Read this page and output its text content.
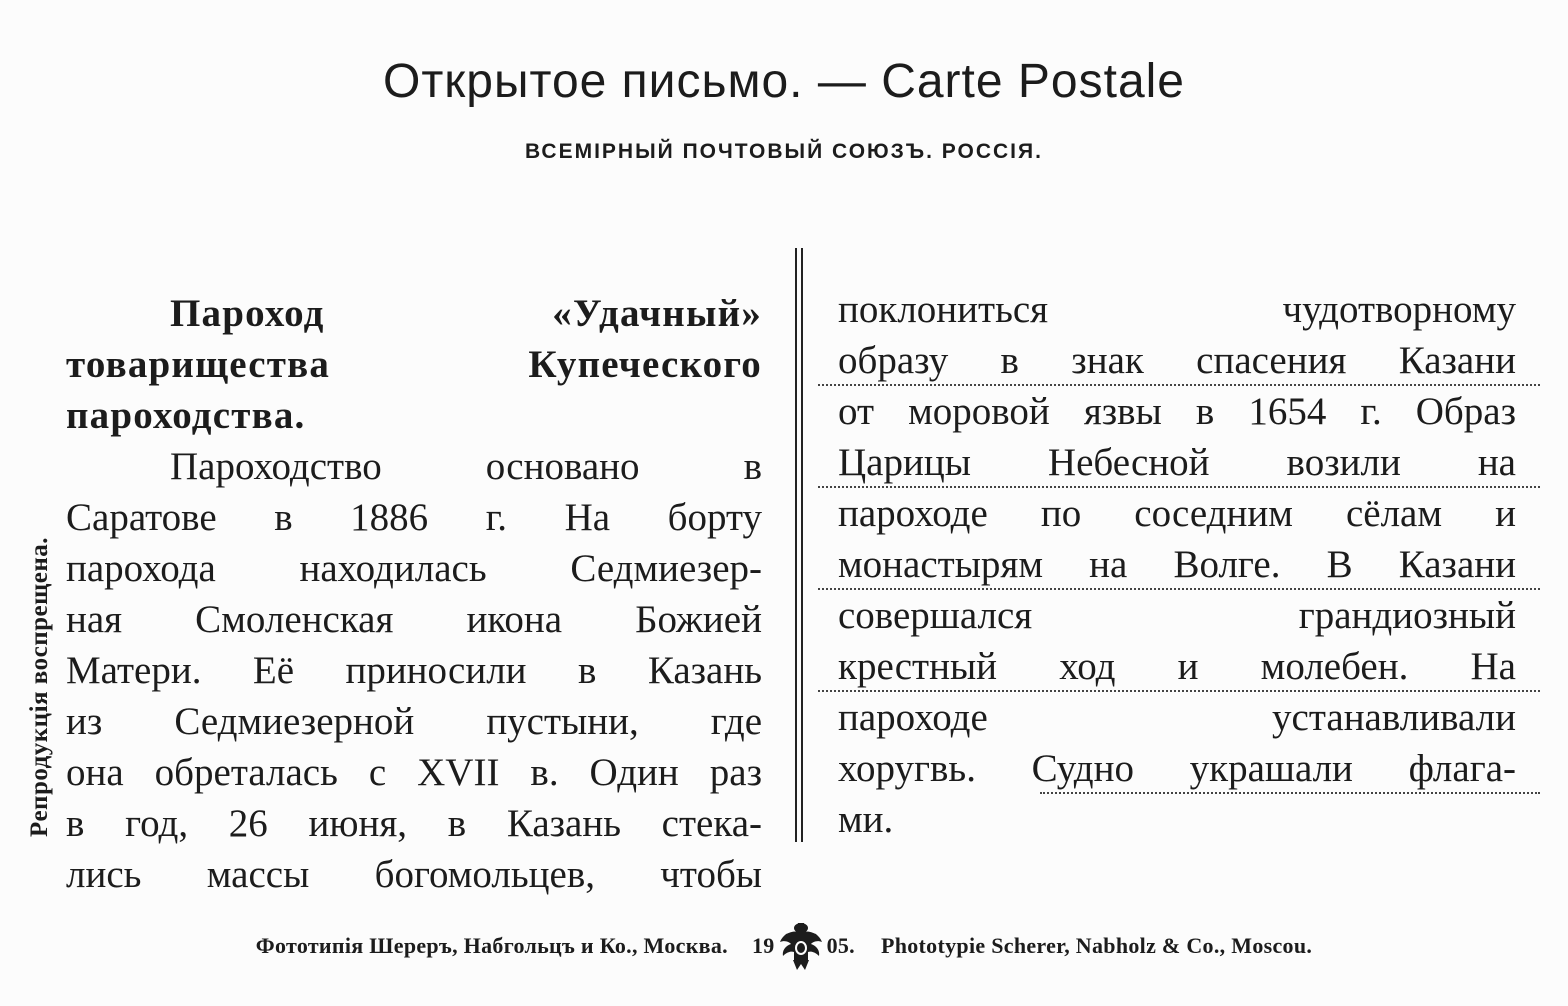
Открытое письмо. — Carte Postale
ВСЕМIРНЫЙ ПОЧТОВЫЙ СОЮЗЪ. РОССIЯ.
Репродукція воспрещена.
Пароход «Удачный»
товарищества Купеческого
пароходства.
Пароходство основано в
Саратове в 1886 г. На борту
парохода находилась Седмиезер-
ная Смоленская икона Божией
Матери. Её приносили в Казань
из Седмиезерной пустыни, где
она обреталась с XVII в. Один раз
в год, 26 июня, в Казань стека-
лись массы богомольцев, чтобы
поклониться чудотворному
образу в знак спасения Казани
от моровой язвы в 1654 г. Образ
Царицы Небесной возили на
пароходе по соседним сёлам и
монастырям на Волге. В Казани
совершался грандиозный
крестный ход и молебен. На
пароходе устанавливали
хоругвь. Судно украшали флага-
ми.
Фототипія Шереръ, Набгольцъ и Ко., Москва. 19 05. Phototypie Scherer, Nabholz & Co., Moscou.
